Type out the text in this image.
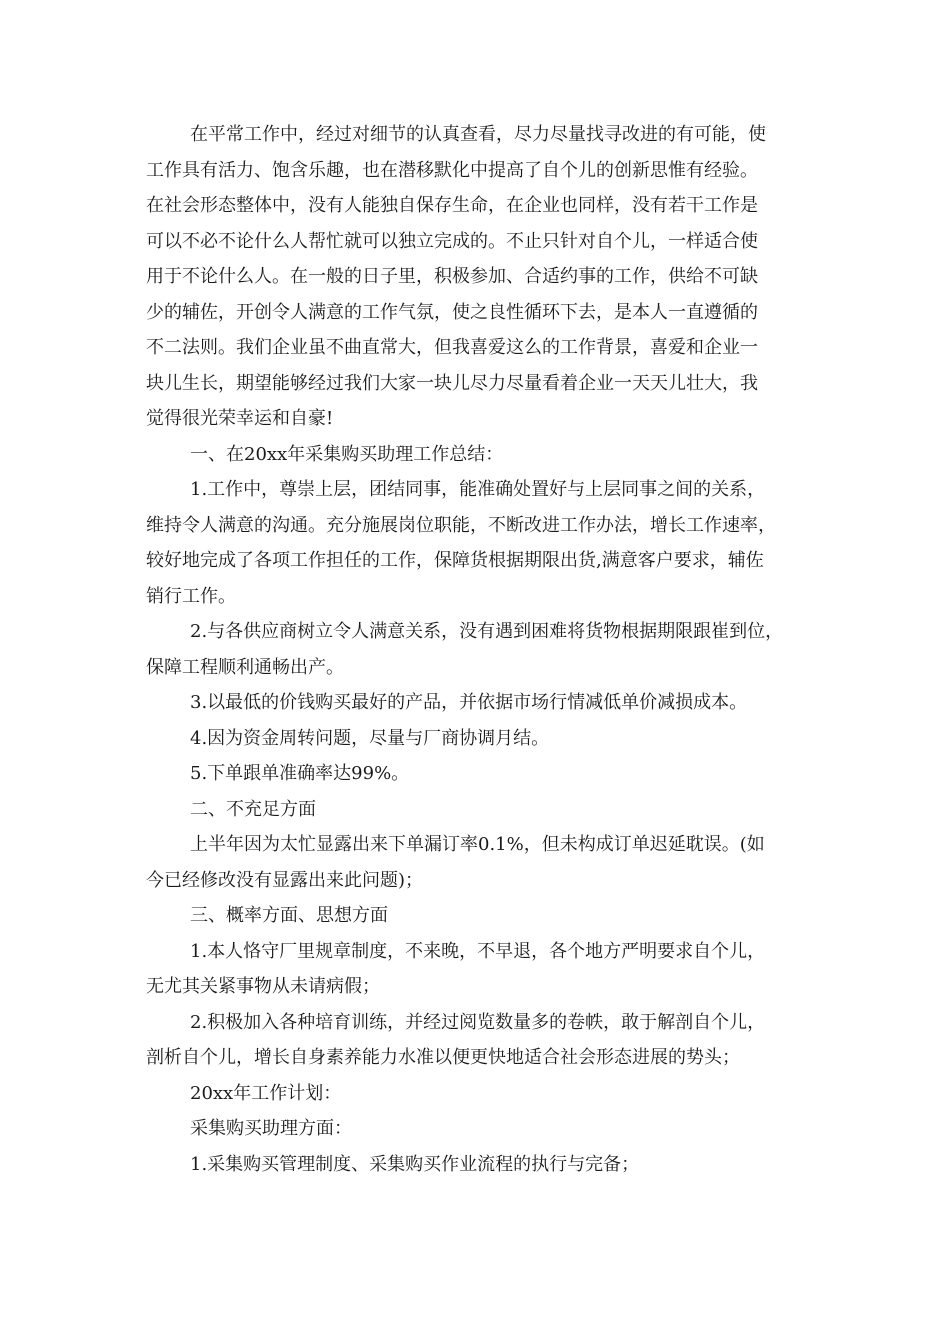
在平常工作中，经过对细节的认真查看，尽力尽量找寻改进的有可能，使
工作具有活力、饱含乐趣，也在潜移默化中提高了自个儿的创新思惟有经验。
在社会形态整体中，没有人能独自保存生命，在企业也同样，没有若干工作是
可以不必不论什么人帮忙就可以独立完成的。不止只针对自个儿，一样适合使
用于不论什么人。在一般的日子里，积极参加、合适约事的工作，供给不可缺
少的辅佐，开创令人满意的工作气氛，使之良性循环下去，是本人一直遵循的
不二法则。我们企业虽不曲直常大，但我喜爱这么的工作背景，喜爱和企业一
块儿生长，期望能够经过我们大家一块儿尽力尽量看着企业一天天儿壮大，我
觉得很光荣幸运和自豪!
一、在20xx年采集购买助理工作总结：
1.工作中，尊崇上层，团结同事，能准确处置好与上层同事之间的关系，
维持令人满意的沟通。充分施展岗位职能，不断改进工作办法，增长工作速率，
较好地完成了各项工作担任的工作，保障货根据期限出货,满意客户要求，辅佐
销行工作。
2.与各供应商树立令人满意关系，没有遇到困难将货物根据期限跟崔到位，
保障工程顺利通畅出产。
3.以最低的价钱购买最好的产品，并依据市场行情减低单价减损成本。
4.因为资金周转问题，尽量与厂商协调月结。
5.下单跟单准确率达99%。
二、不充足方面
上半年因为太忙显露出来下单漏订率0.1%，但未构成订单迟延耽误。(如
今已经修改没有显露出来此问题)；
三、概率方面、思想方面
1.本人恪守厂里规章制度，不来晚，不早退，各个地方严明要求自个儿，
无尤其关紧事物从未请病假；
2.积极加入各种培育训练，并经过阅览数量多的卷帙，敢于解剖自个儿，
剖析自个儿，增长自身素养能力水准以便更快地适合社会形态进展的势头；
20xx年工作计划：
采集购买助理方面：
1.采集购买管理制度、采集购买作业流程的执行与完备；
